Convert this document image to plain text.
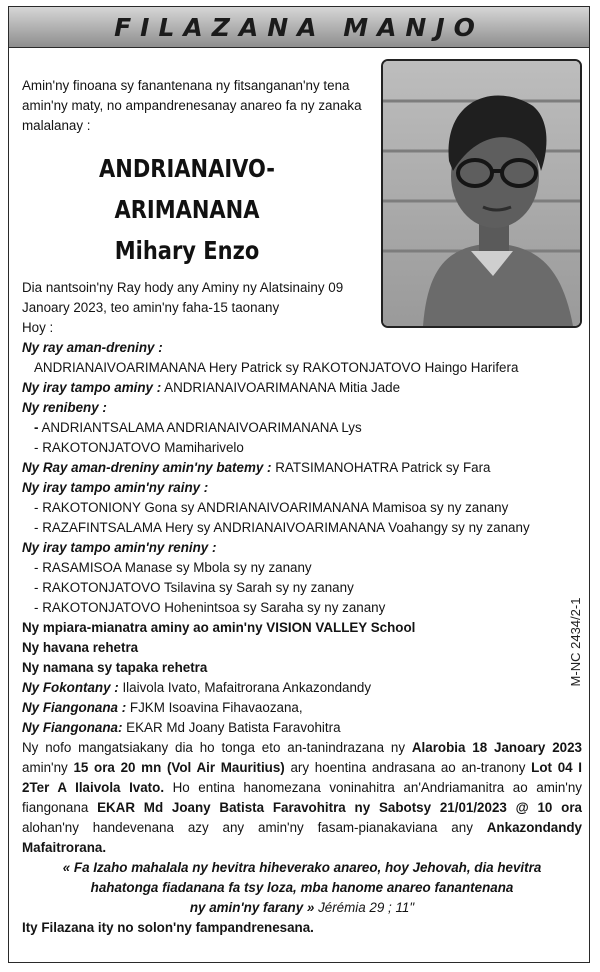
FILAZANA MANJO
Amin'ny finoana sy fanantenana ny fitsanganan'ny tena amin'ny maty, no ampandrenesanay anareo fa ny zanaka malalanay :
ANDRIANAIVO-
ARIMANANA
Mihary Enzo
Dia nantsoin'ny Ray hody any Aminy ny Alatsinainy 09
Janoary 2023, teo amin'ny faha-15 taonany
Hoy :
Ny ray aman-dreniny :
ANDRIANAIVOARIMANANA Hery Patrick sy RAKOTONJATOVO Haingo Harifera
Ny iray tampo aminy : ANDRIANAIVOARIMANANA Mitia Jade
Ny renibeny :
- ANDRIANTSALAMA ANDRIANAIVOARIMANANA Lys
- RAKOTONJATOVO Mamiharivelo
Ny Ray aman-dreniny amin'ny batemy : RATSIMANOHATRA Patrick sy Fara
Ny iray tampo amin'ny rainy :
- RAKOTONIONY Gona sy ANDRIANAIVOARIMANANA Mamisoa sy ny zanany
- RAZAFINTSALAMA Hery sy ANDRIANAIVOARIMANANA Voahangy sy ny zanany
Ny iray tampo amin'ny reniny :
- RASAMISOA Manase sy Mbola sy ny zanany
- RAKOTONJATOVO Tsilavina sy Sarah sy ny zanany
- RAKOTONJATOVO Hohenintsoa sy Saraha sy ny zanany
Ny mpiara-mianatra aminy ao amin'ny VISION VALLEY School
Ny havana rehetra
Ny namana sy tapaka rehetra
Ny Fokontany : Ilaivola Ivato, Mafaitrorana Ankazondandy
Ny Fiangonana : FJKM Isoavina Fihavaozana,
Ny Fiangonana: EKAR Md Joany Batista Faravohitra
Ny nofo mangatsiakany dia ho tonga eto an-tanindrazana ny Alarobia 18 Janoary 2023 amin'ny 15 ora 20 mn (Vol Air Mauritius) ary hoentina andrasana ao an-tranony Lot 04 I 2Ter A Ilaivola Ivato. Ho entina hanomezana voninahitra an'Andriamanitra ao amin'ny fiangonana EKAR Md Joany Batista Faravohitra ny Sabotsy 21/01/2023 @ 10 ora alohan'ny handevenana azy any amin'ny fasam-pianakaviana any Ankazondandy Mafaitrorana.
« Fa Izaho mahalala ny hevitra hiheverako anareo, hoy Jehovah, dia hevitra
hahatonga fiadanana fa tsy loza, mba hanome anareo fanantenana
ny amin'ny farany » Jérémia 29 ; 11"
Ity Filazana ity no solon'ny fampandrenesana.
M-NC 2434/2-1
